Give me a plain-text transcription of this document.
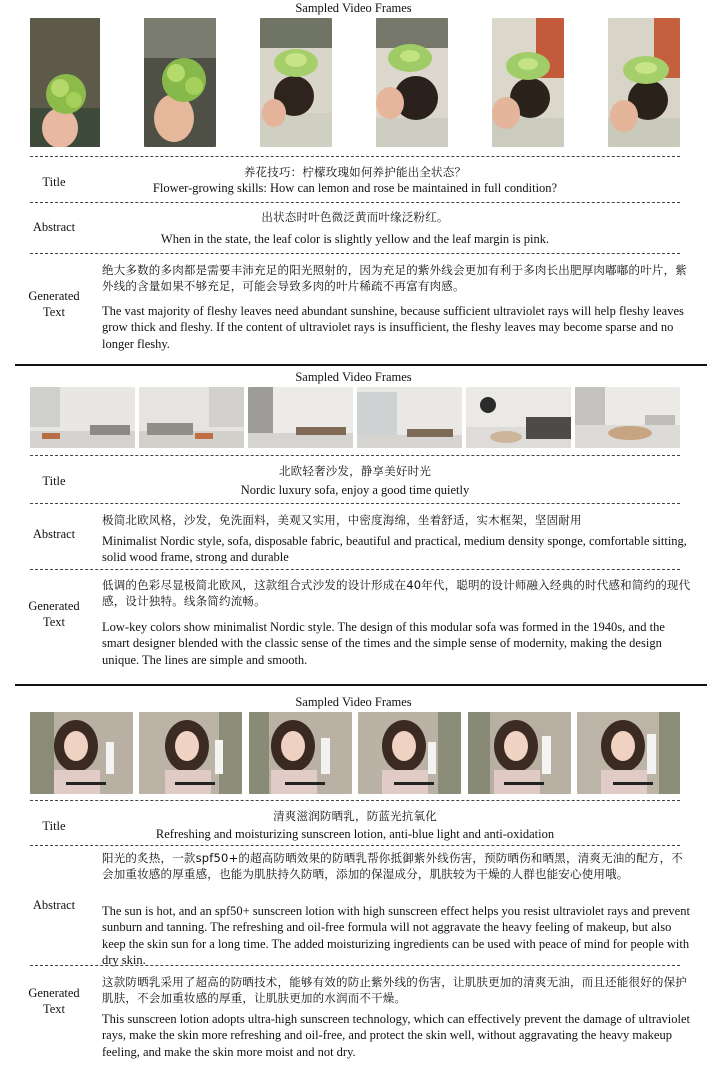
Sampled Video Frames
Title
养花技巧：柠檬玫瑰如何养护能出全状态？
Flower-growing skills: How can lemon and rose be maintained in full condition?
Abstract
出状态时叶色微泛黄而叶缘泛粉红。
When in the state, the leaf color is slightly yellow and the leaf margin is pink.
Generated
Text
绝大多数的多肉都是需要丰沛充足的阳光照射的，因为充足的紫外线会更加有利于多肉长出肥厚肉嘟嘟的叶片，紫外线的含量如果不够充足，可能会导致多肉的叶片稀疏不再富有肉感。
The vast majority of fleshy leaves need abundant sunshine, because sufficient ultraviolet rays will help fleshy leaves grow thick and fleshy. If the content of ultraviolet rays is insufficient, the fleshy leaves may become sparse and no longer fleshy.
Sampled Video Frames
Title
北欧轻奢沙发，静享美好时光
Nordic luxury sofa, enjoy a good time quietly
Abstract
极简北欧风格，沙发，免洗面料，美观又实用，中密度海绵，坐着舒适，实木框架，坚固耐用
Minimalist Nordic style, sofa, disposable fabric, beautiful and practical, medium density sponge, comfortable sitting, solid wood frame, strong and durable
Generated
Text
低调的色彩尽显极简北欧风，这款组合式沙发的设计形成在40年代，聪明的设计师融入经典的时代感和简约的现代感，设计独特。线条简约流畅。
Low-key colors show minimalist Nordic style. The design of this modular sofa was formed in the 1940s, and the smart designer blended with the classic sense of the times and the simple sense of modernity, making the design unique. The lines are simple and smooth.
Sampled Video Frames
Title
清爽滋润防晒乳，防蓝光抗氧化
Refreshing and moisturizing sunscreen lotion, anti-blue light and anti-oxidation
Abstract
阳光的炙热，一款spf50+的超高防晒效果的防晒乳帮你抵御紫外线伤害，预防晒伤和晒黑，清爽无油的配方，不会加重妆感的厚重感，也能为肌肤持久防晒，添加的保湿成分，肌肤较为干燥的人群也能安心使用哦。
The sun is hot, and an spf50+ sunscreen lotion with high sunscreen effect helps you resist ultraviolet rays and prevent sunburn and tanning. The refreshing and oil-free formula will not aggravate the heavy feeling of makeup, but also keep the skin sun for a long time. The added moisturizing ingredients can be used with peace of mind for people with dry skin.
Generated
Text
这款防晒乳采用了超高的防晒技术，能够有效的防止紫外线的伤害，让肌肤更加的清爽无油，而且还能很好的保护肌肤，不会加重妆感的厚重，让肌肤更加的水润而不干燥。
This sunscreen lotion adopts ultra-high sunscreen technology, which can effectively prevent the damage of ultraviolet rays, make the skin more refreshing and oil-free, and protect the skin well, without aggravating the heavy makeup feeling, and make the skin more moist and not dry.
